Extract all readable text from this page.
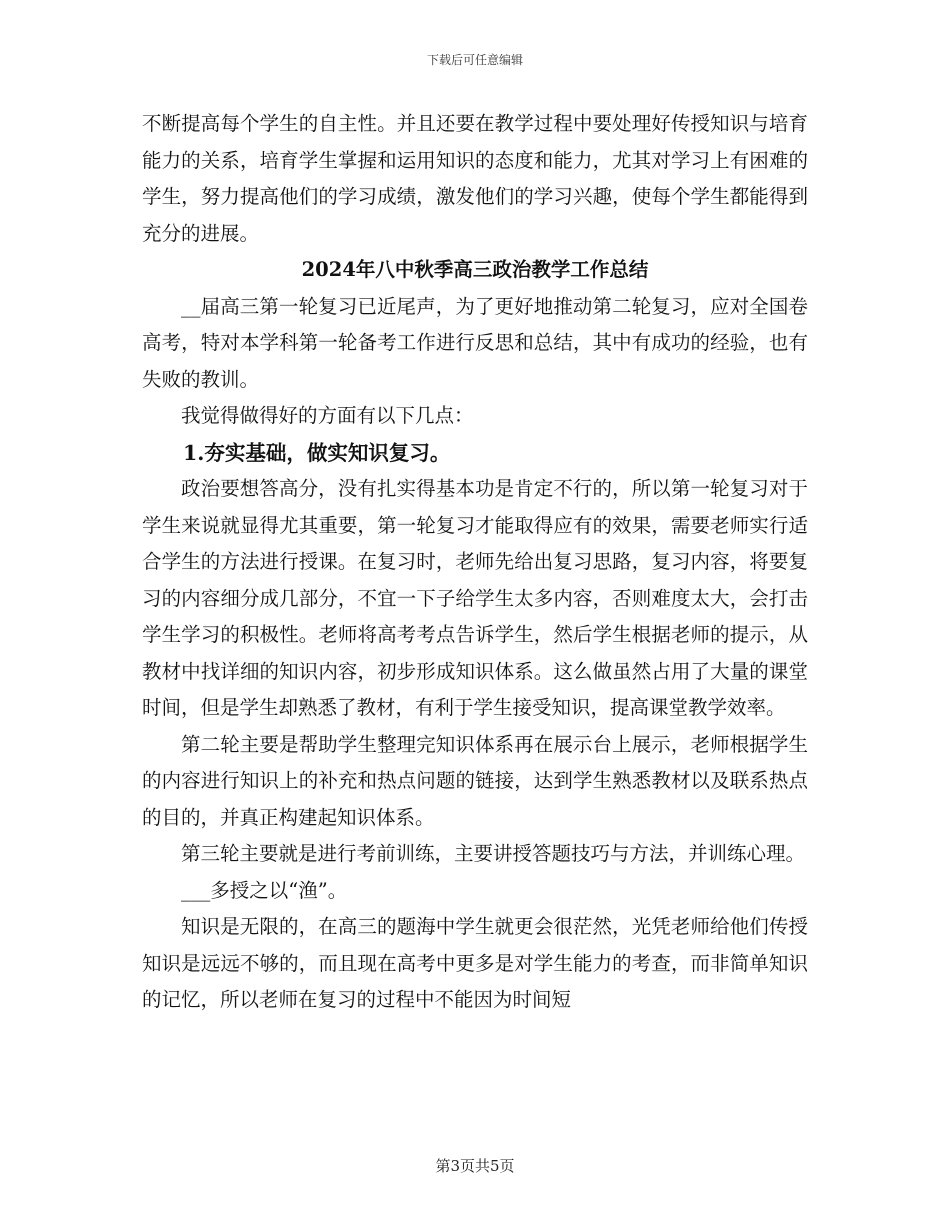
下载后可任意编辑

不断提高每个学生的自主性。并且还要在教学过程中要处理好传授知识与培育能力的关系，培育学生掌握和运用知识的态度和能力，尤其对学习上有困难的学生，努力提高他们的学习成绩，激发他们的学习兴趣，使每个学生都能得到充分的进展。

2024年八中秋季高三政治教学工作总结

__届高三第一轮复习已近尾声，为了更好地推动第二轮复习，应对全国卷高考，特对本学科第一轮备考工作进行反思和总结，其中有成功的经验，也有失败的教训。

我觉得做得好的方面有以下几点：

1.夯实基础，做实知识复习。

政治要想答高分，没有扎实得基本功是肯定不行的，所以第一轮复习对于学生来说就显得尤其重要，第一轮复习才能取得应有的效果，需要老师实行适合学生的方法进行授课。在复习时，老师先给出复习思路，复习内容，将要复习的内容细分成几部分，不宜一下子给学生太多内容，否则难度太大，会打击学生学习的积极性。老师将高考考点告诉学生，然后学生根据老师的提示，从教材中找详细的知识内容，初步形成知识体系。这么做虽然占用了大量的课堂时间，但是学生却熟悉了教材，有利于学生接受知识，提高课堂教学效率。

第二轮主要是帮助学生整理完知识体系再在展示台上展示，老师根据学生的内容进行知识上的补充和热点问题的链接，达到学生熟悉教材以及联系热点的目的，并真正构建起知识体系。

第三轮主要就是进行考前训练，主要讲授答题技巧与方法，并训练心理。

___多授之以“渔”。

知识是无限的，在高三的题海中学生就更会很茫然，光凭老师给他们传授知识是远远不够的，而且现在高考中更多是对学生能力的考查，而非简单知识的记忆，所以老师在复习的过程中不能因为时间短

第3页共5页
